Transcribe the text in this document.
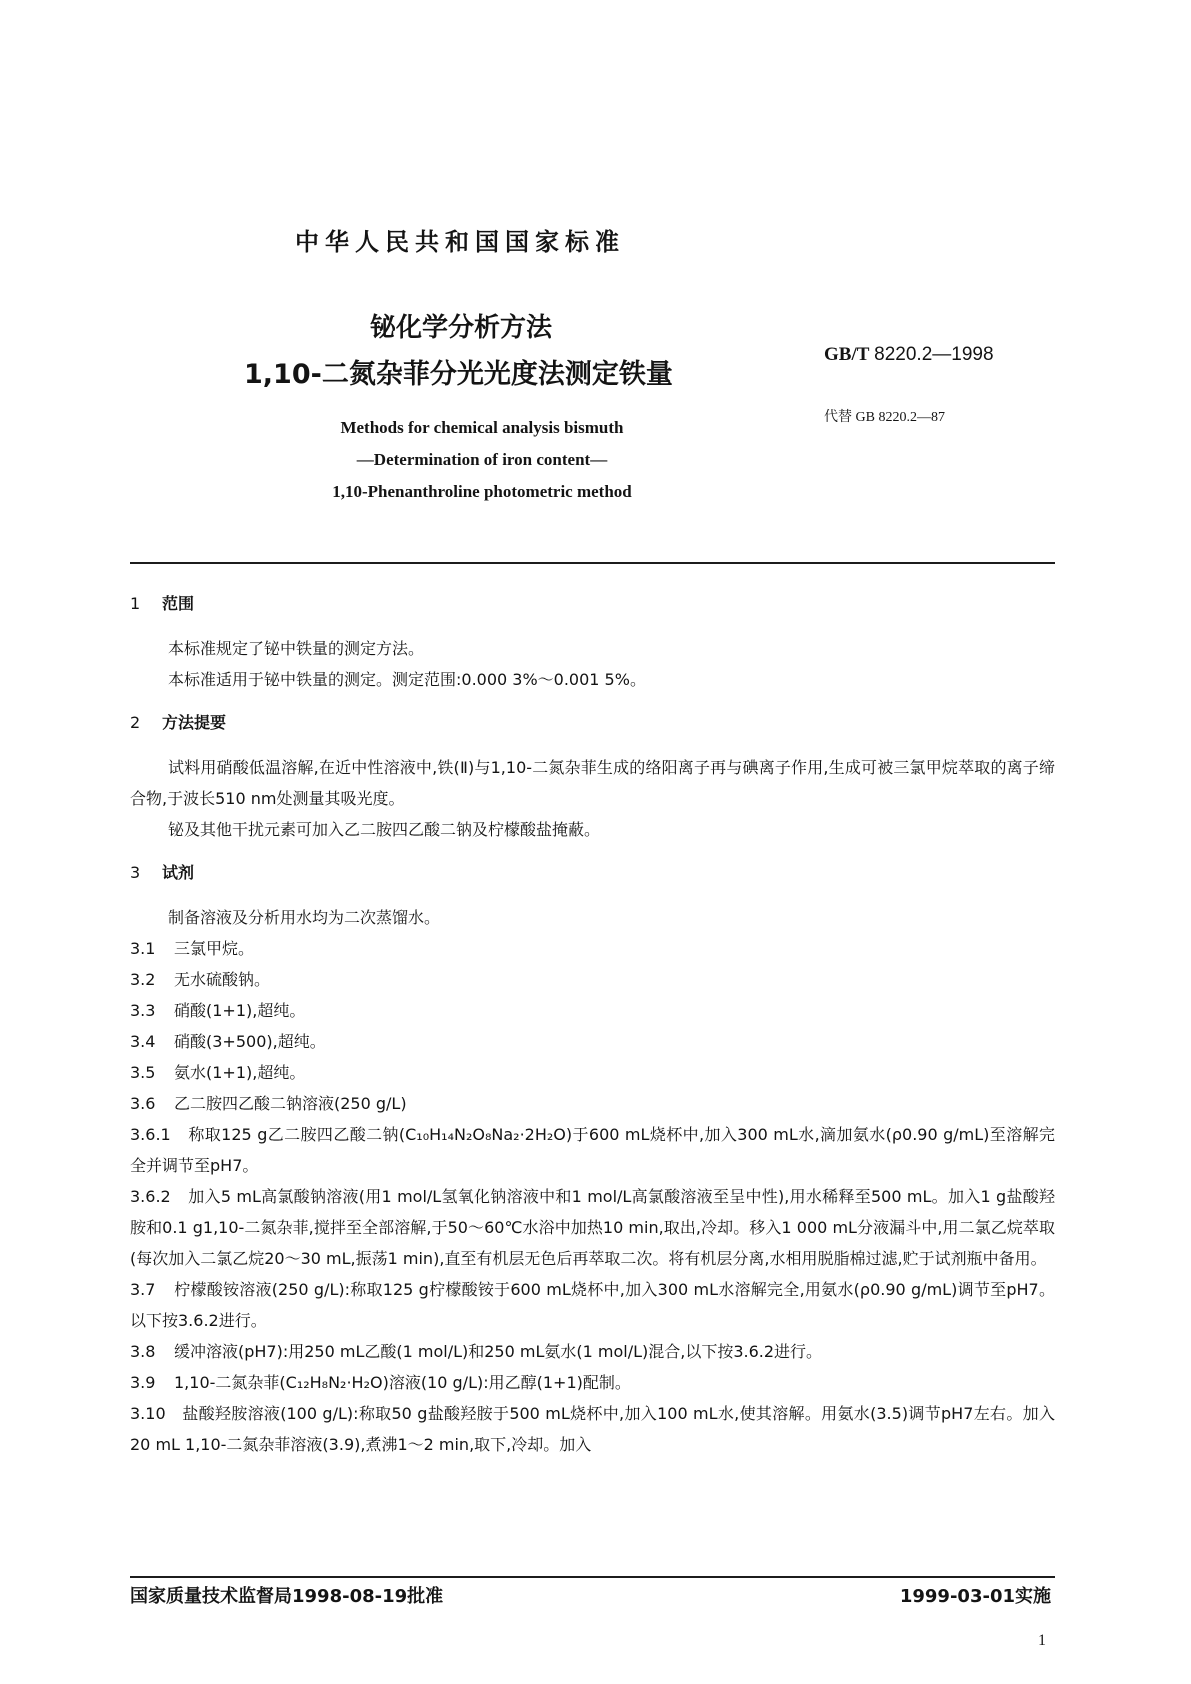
中华人民共和国国家标准
铋化学分析方法
1,10-二氮杂菲分光光度法测定铁量
GB/T 8220.2—1998
代替 GB 8220.2—87
Methods for chemical analysis bismuth
—Determination of iron content—
1,10-Phenanthroline photometric method
1 范围

本标准规定了铋中铁量的测定方法。

本标准适用于铋中铁量的测定。测定范围:0.000 3%～0.001 5%。

2 方法提要

试料用硝酸低温溶解,在近中性溶液中,铁(Ⅱ)与1,10-二氮杂菲生成的络阳离子再与碘离子作用,生成可被三氯甲烷萃取的离子缔合物,于波长510 nm处测量其吸光度。

铋及其他干扰元素可加入乙二胺四乙酸二钠及柠檬酸盐掩蔽。

3 试剂

制备溶液及分析用水均为二次蒸馏水。

3.1 三氯甲烷。

3.2 无水硫酸钠。

3.3 硝酸(1+1),超纯。

3.4 硝酸(3+500),超纯。

3.5 氨水(1+1),超纯。

3.6 乙二胺四乙酸二钠溶液(250 g/L)

3.6.1 称取125 g乙二胺四乙酸二钠(C₁₀H₁₄N₂O₈Na₂·2H₂O)于600 mL烧杯中,加入300 mL水,滴加氨水(ρ0.90 g/mL)至溶解完全并调节至pH7。

3.6.2 加入5 mL高氯酸钠溶液(用1 mol/L氢氧化钠溶液中和1 mol/L高氯酸溶液至呈中性),用水稀释至500 mL。加入1 g盐酸羟胺和0.1 g1,10-二氮杂菲,搅拌至全部溶解,于50～60℃水浴中加热10 min,取出,冷却。移入1 000 mL分液漏斗中,用二氯乙烷萃取(每次加入二氯乙烷20～30 mL,振荡1 min),直至有机层无色后再萃取二次。将有机层分离,水相用脱脂棉过滤,贮于试剂瓶中备用。

3.7 柠檬酸铵溶液(250 g/L):称取125 g柠檬酸铵于600 mL烧杯中,加入300 mL水溶解完全,用氨水(ρ0.90 g/mL)调节至pH7。以下按3.6.2进行。

3.8 缓冲溶液(pH7):用250 mL乙酸(1 mol/L)和250 mL氨水(1 mol/L)混合,以下按3.6.2进行。

3.9 1,10-二氮杂菲(C₁₂H₈N₂·H₂O)溶液(10 g/L):用乙醇(1+1)配制。

3.10 盐酸羟胺溶液(100 g/L):称取50 g盐酸羟胺于500 mL烧杯中,加入100 mL水,使其溶解。用氨水(3.5)调节pH7左右。加入20 mL 1,10-二氮杂菲溶液(3.9),煮沸1～2 min,取下,冷却。加入

国家质量技术监督局1998-08-19批准	1999-03-01实施
1
